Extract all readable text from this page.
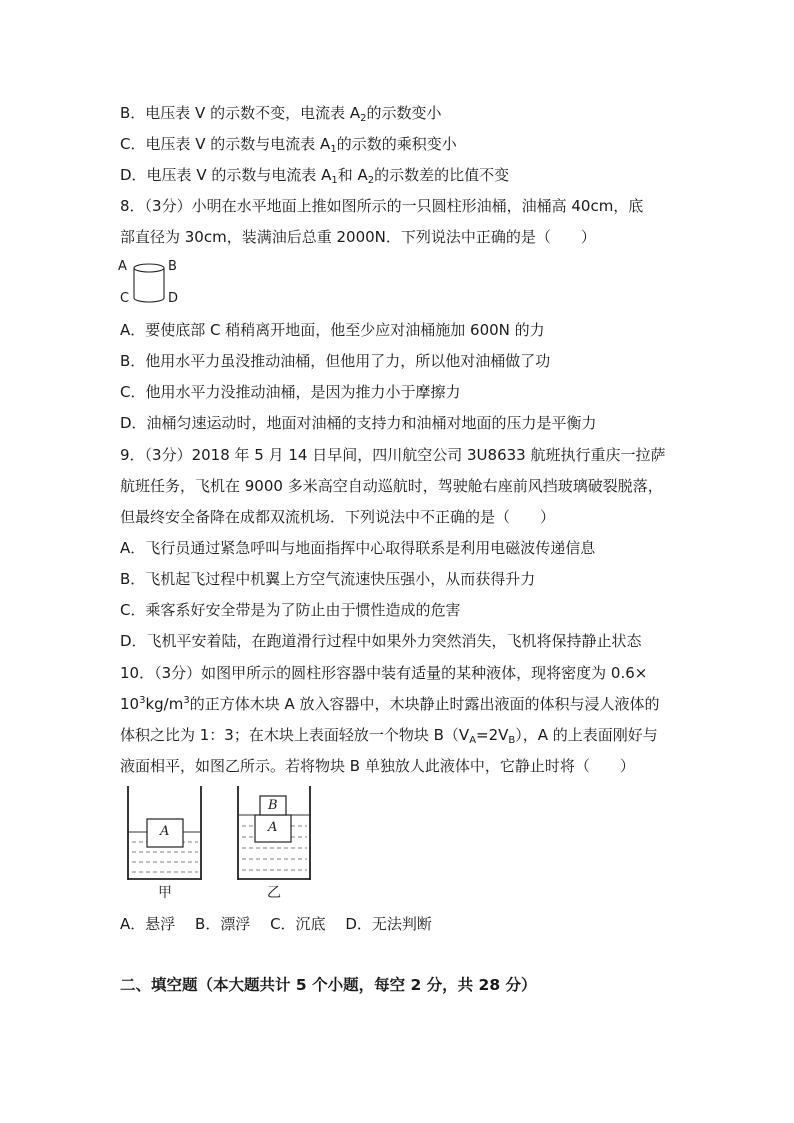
B．电压表 V 的示数不变，电流表 $A_2$的示数变小
C．电压表 V 的示数与电流表 $A_1$的示数的乘积变小
D．电压表 V 的示数与电流表 $A_1$和 $A_2$的示数差的比值不变
8．（3分）小明在水平地面上推如图所示的一只圆柱形油桶，油桶高 40cm，底
部直径为 30cm，装满油后总重 2000N．下列说法中正确的是（　　）
A	B
C	D
A．要使底部 C 稍稍离开地面，他至少应对油桶施加 600N 的力
B．他用水平力虽没推动油桶，但他用了力，所以他对油桶做了功
C．他用水平力没推动油桶，是因为推力小于摩擦力
D．油桶匀速运动时，地面对油桶的支持力和油桶对地面的压力是平衡力
9．（3分）2018 年 5 月 14 日早间，四川航空公司 3U8633 航班执行重庆一拉萨
航班任务，飞机在 9000 多米高空自动巡航时，驾驶舱右座前风挡玻璃破裂脱落，
但最终安全备降在成都双流机场．下列说法中不正确的是（　　）
A．飞行员通过紧急呼叫与地面指挥中心取得联系是利用电磁波传递信息
B．飞机起飞过程中机翼上方空气流速快压强小，从而获得升力
C．乘客系好安全带是为了防止由于惯性造成的危害
D．飞机平安着陆，在跑道滑行过程中如果外力突然消失，飞机将保持静止状态
10．（3分）如图甲所示的圆柱形容器中装有适量的某种液体，现将密度为 0.6×
$10^3kg/m^3$的正方体木块 A 放入容器中，木块静止时露出液面的体积与浸人液体的
体积之比为 1：3；在木块上表面轻放一个物块 $B(V_A=2V_B)$，A 的上表面刚好与
液面相平，如图乙所示。若将物块 B 单独放人此液体中，它静止时将（　　）
A	A
B
甲	乙
A．悬浮　 B．漂浮　 C．沉底　 D．无法判断
二、填空题（本大题共计 5 个小题，每空 2 分，共 28 分）
